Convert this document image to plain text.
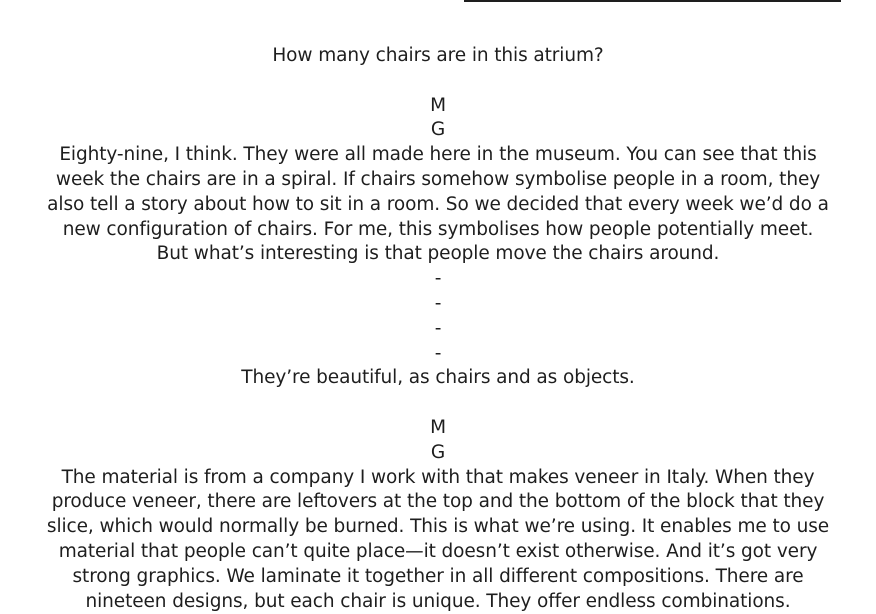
How many chairs are in this atrium?
M
G
Eighty-nine, I think. They were all made here in the museum. You can see that this
week the chairs are in a spiral. If chairs somehow symbolise people in a room, they
also tell a story about how to sit in a room. So we decided that every week we’d do a
new configuration of chairs. For me, this symbolises how people potentially meet.
But what’s interesting is that people move the chairs around.
-
-
-
-
They’re beautiful, as chairs and as objects.
M
G
The material is from a company I work with that makes veneer in Italy. When they
produce veneer, there are leftovers at the top and the bottom of the block that they
slice, which would normally be burned. This is what we’re using. It enables me to use
material that people can’t quite place—it doesn’t exist otherwise. And it’s got very
strong graphics. We laminate it together in all different compositions. There are
nineteen designs, but each chair is unique. They offer endless combinations.
